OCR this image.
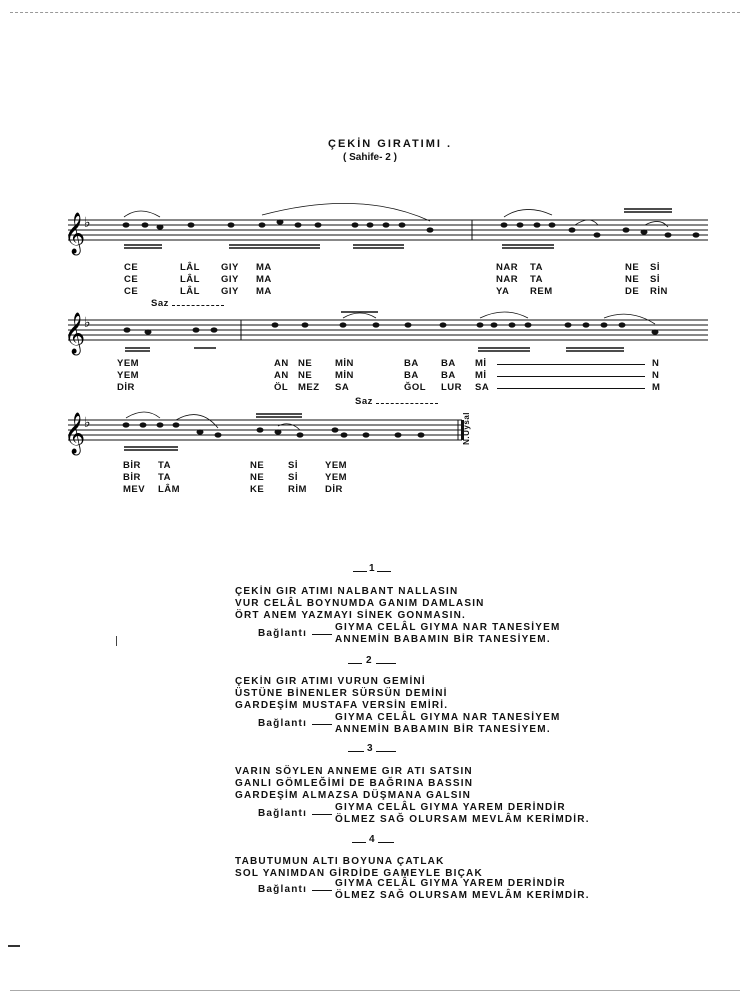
ÇEKİN GIRATIMI .
( Sahife- 2 )
𝄞
♭
CE	LÂL GIY MA	NAR TA	NE Sİ
CE	LÂL GIY MA	NAR TA	NE Sİ
CE	LÂL GIY MA	YA REM	DE RİN
Saz
𝄞
♭
YEM	AN NE MİN	BA BA Mİ	N
YEM	AN NE MİN	BA BA Mİ	N
DİR	ÖL MEZ SA	ĞOL LUR SA	M
Saz
𝄞
♭	N.Uysal
BİR TA	NE	Sİ	YEM
BİR TA	NE	Sİ	YEM
MEV LÂM	KE	RİM DİR
1
ÇEKİN GIR ATIMI NALBANT NALLASIN
VUR CELÂL BOYNUMDA GANIM DAMLASIN
ÖRT ANEM YAZMAYI SİNEK GONMASIN.
Bağlantı
GIYMA CELÂL GIYMA NAR TANESİYEM
ANNEMİN BABAMIN BİR TANESİYEM.
2
ÇEKİN GIR ATIMI VURUN GEMİNİ
ÜSTÜNE BİNENLER SÜRSÜN DEMİNİ
GARDEŞİM MUSTAFA VERSİN EMİRİ.
Bağlantı
GIYMA CELÂL GIYMA NAR TANESİYEM
ANNEMİN BABAMIN BİR TANESİYEM.
3
VARIN SÖYLEN ANNEME GIR ATI SATSIN
GANLI GÖMLEĞİMİ DE BAĞRINA BASSIN
GARDEŞİM ALMAZSA DÜŞMANA GALSIN
Bağlantı
GIYMA CELÂL GIYMA YAREM DERİNDİR
ÖLMEZ SAĞ OLURSAM MEVLÂM KERİMDİR.
4
TABUTUMUN ALTI BOYUNA ÇATLAK
SOL YANIMDAN GİRDİDE GAMEYLE BIÇAK
Bağlantı
GIYMA CELÂL GIYMA YAREM DERİNDİR
ÖLMEZ SAĞ OLURSAM MEVLÂM KERİMDİR.
